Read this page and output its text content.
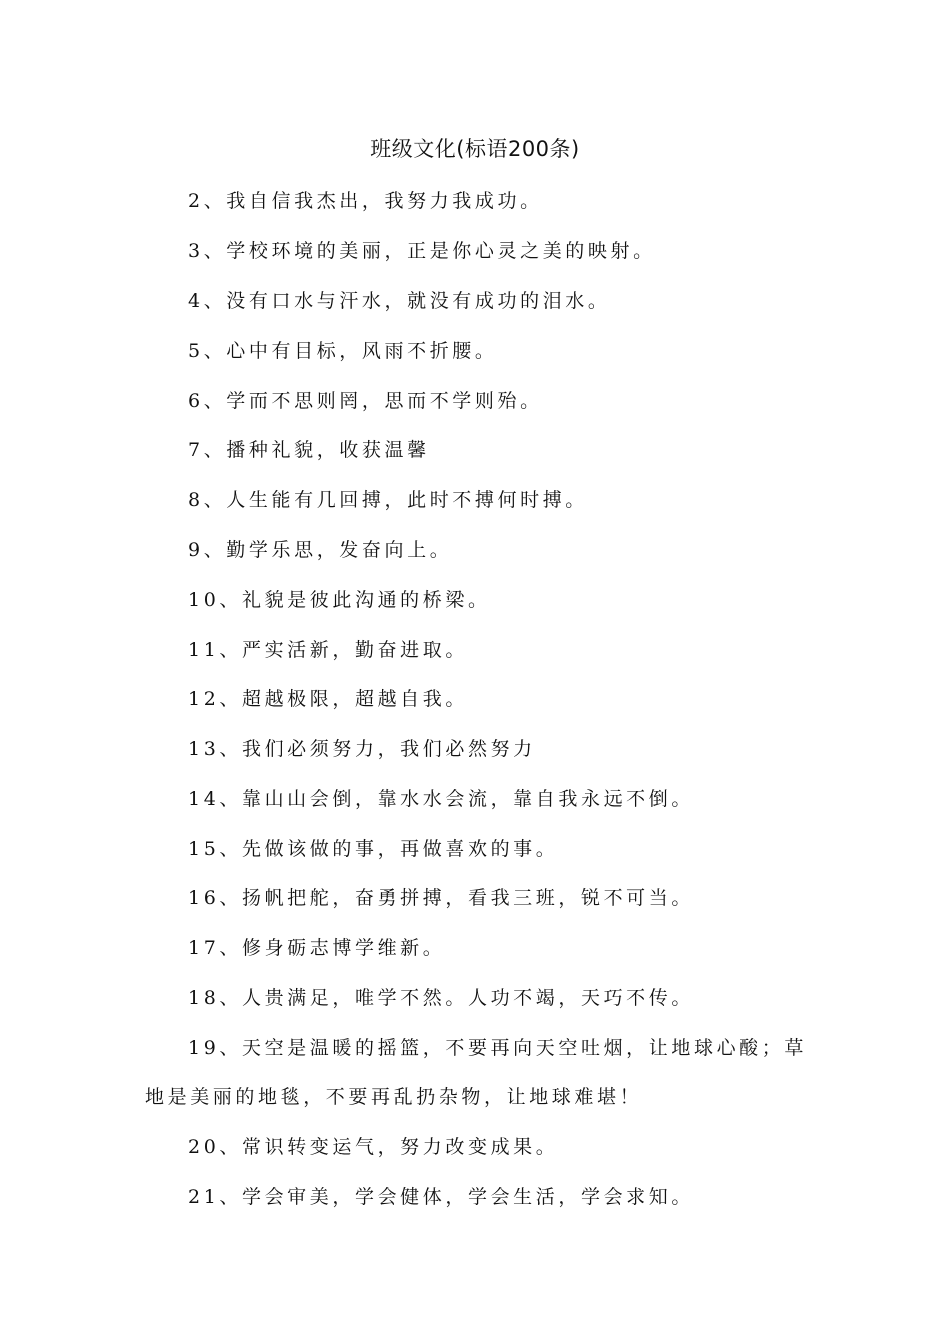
班级文化(标语200条)
2、我自信我杰出，我努力我成功。
3、学校环境的美丽，正是你心灵之美的映射。
4、没有口水与汗水，就没有成功的泪水。
5、心中有目标，风雨不折腰。
6、学而不思则罔，思而不学则殆。
7、播种礼貌，收获温馨
8、人生能有几回搏，此时不搏何时搏。
9、勤学乐思，发奋向上。
10、礼貌是彼此沟通的桥梁。
11、严实活新，勤奋进取。
12、超越极限，超越自我。
13、我们必须努力，我们必然努力
14、靠山山会倒，靠水水会流，靠自我永远不倒。
15、先做该做的事，再做喜欢的事。
16、扬帆把舵，奋勇拼搏，看我三班，锐不可当。
17、修身砺志博学维新。
18、人贵满足，唯学不然。人功不竭，天巧不传。
19、天空是温暖的摇篮，不要再向天空吐烟，让地球心酸；草
地是美丽的地毯，不要再乱扔杂物，让地球难堪！
20、常识转变运气，努力改变成果。
21、学会审美，学会健体，学会生活，学会求知。
